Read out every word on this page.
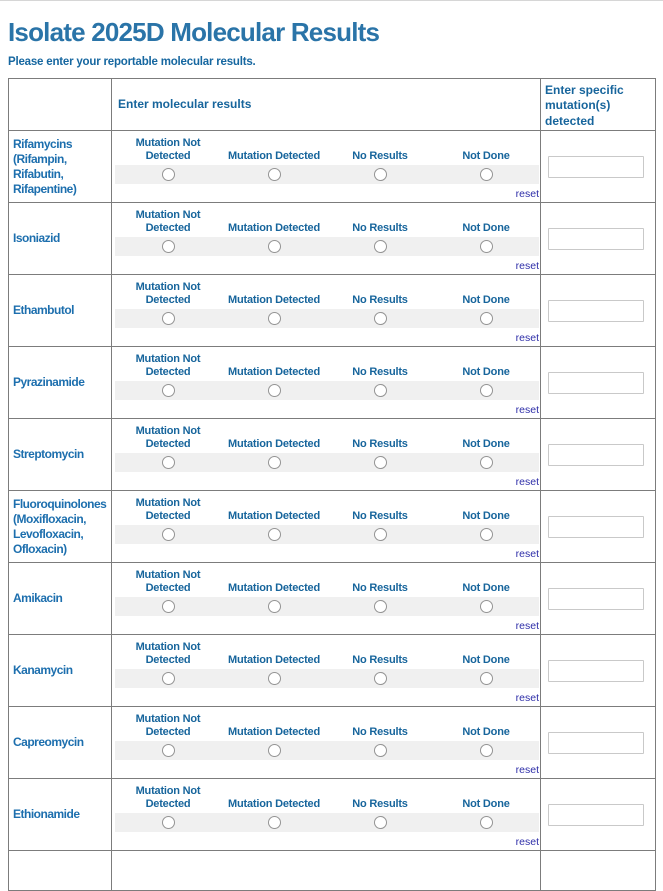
Isolate 2025D Molecular Results

Please enter your reportable molecular results.

	Enter molecular results	Enter specific mutation(s) detected
Rifamycins (Rifampin, Rifabutin, Rifapentine)	Mutation Not Detected Mutation Detected No Results Not Done
reset

Isoniazid	Mutation Not Detected Mutation Detected No Results Not Done
reset

Ethambutol	Mutation Not Detected Mutation Detected No Results Not Done
reset

Pyrazinamide	Mutation Not Detected Mutation Detected No Results Not Done
reset

Streptomycin	Mutation Not Detected Mutation Detected No Results Not Done
reset

Fluoroquinolones (Moxifloxacin, Levofloxacin, Ofloxacin)	Mutation Not Detected Mutation Detected No Results Not Done
reset

Amikacin	Mutation Not Detected Mutation Detected No Results Not Done
reset

Kanamycin	Mutation Not Detected Mutation Detected No Results Not Done
reset

Capreomycin	Mutation Not Detected Mutation Detected No Results Not Done
reset

Ethionamide	Mutation Not Detected Mutation Detected No Results Not Done
reset
